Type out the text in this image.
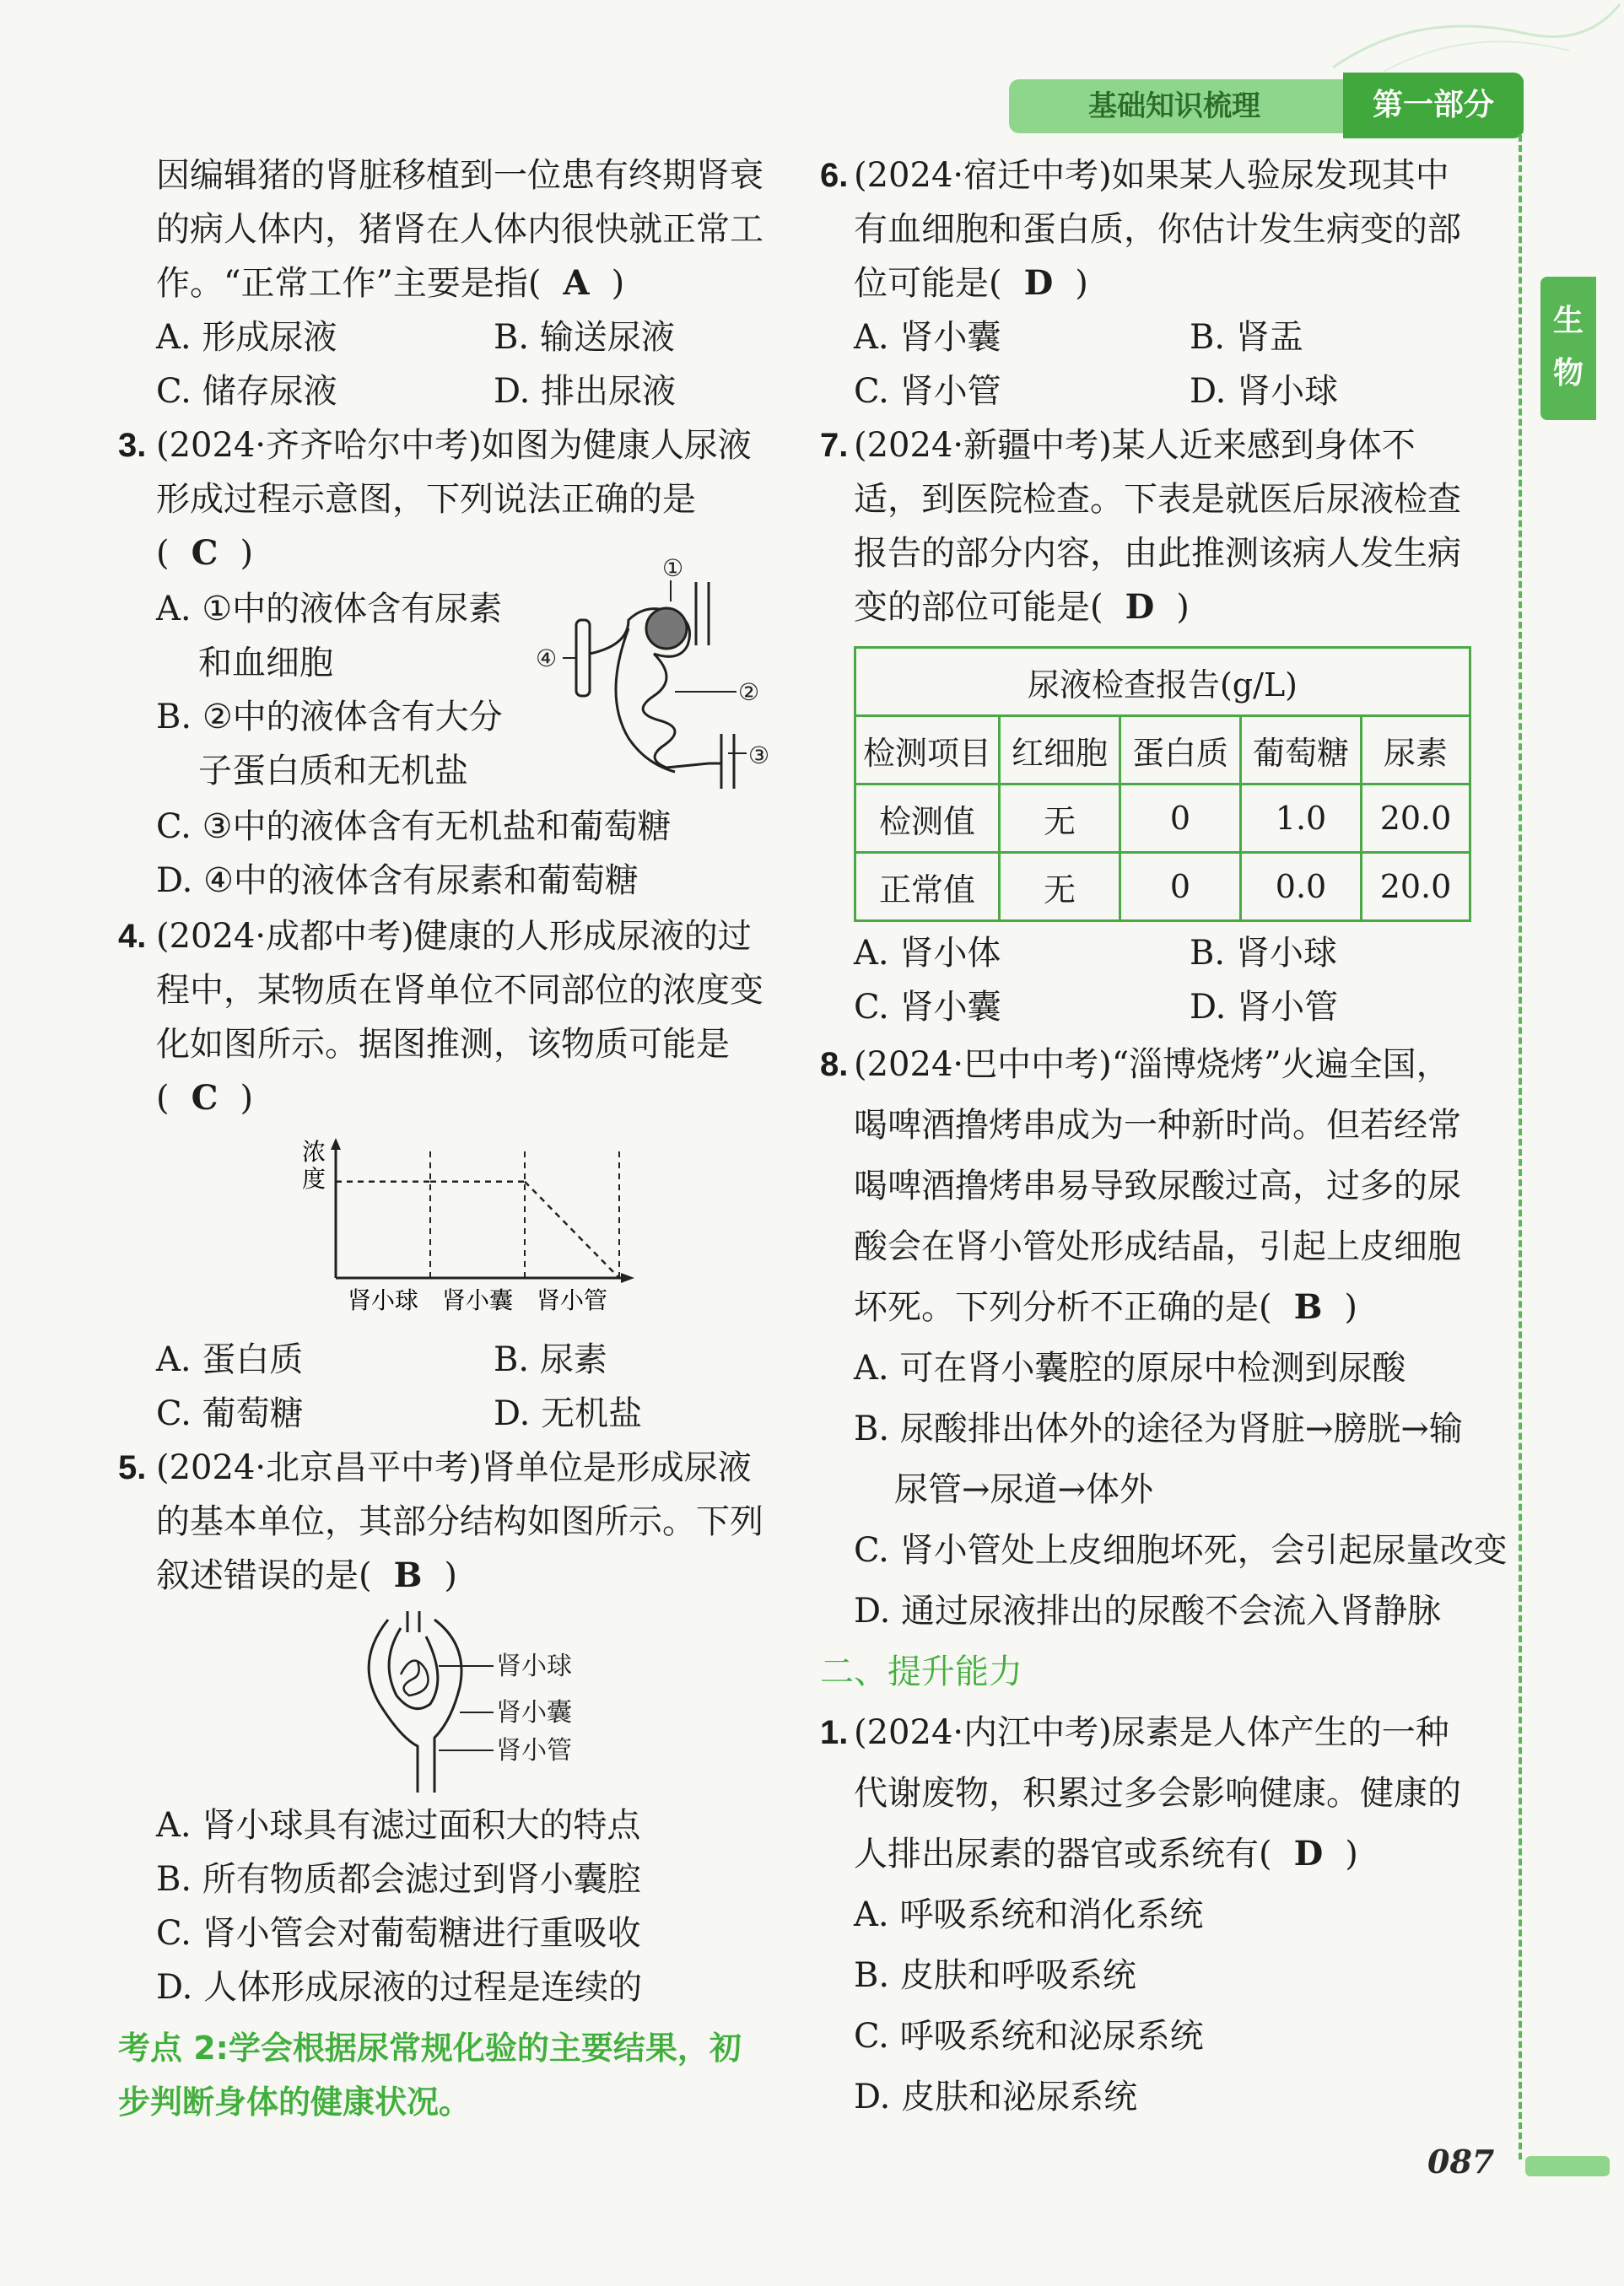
基础知识梳理	第一部分
生
物
因编辑猪的肾脏移植到一位患有终期肾衰
的病人体内，猪肾在人体内很快就正常工
作。“正常工作”主要是指( A )
A. 形成尿液	B. 输送尿液
C. 储存尿液	D. 排出尿液
3. (2024·齐齐哈尔中考)如图为健康人尿液
形成过程示意图，下列说法正确的是
( C )
A. ①中的液体含有尿素
和血细胞
B. ②中的液体含有大分
子蛋白质和无机盐
C. ③中的液体含有无机盐和葡萄糖
D. ④中的液体含有尿素和葡萄糖
①
②
③
④
4. (2024·成都中考)健康的人形成尿液的过
程中，某物质在肾单位不同部位的浓度变
化如图所示。据图推测，该物质可能是
( C )
浓
度
肾小球 肾小囊 肾小管
A. 蛋白质	B. 尿素
C. 葡萄糖	D. 无机盐
5. (2024·北京昌平中考)肾单位是形成尿液
的基本单位，其部分结构如图所示。下列
叙述错误的是( B )
肾小球
肾小囊
肾小管
A. 肾小球具有滤过面积大的特点
B. 所有物质都会滤过到肾小囊腔
C. 肾小管会对葡萄糖进行重吸收
D. 人体形成尿液的过程是连续的
考点 2:学会根据尿常规化验的主要结果，初
步判断身体的健康状况。
6. (2024·宿迁中考)如果某人验尿发现其中
有血细胞和蛋白质，你估计发生病变的部
位可能是( D )
A. 肾小囊	B. 肾盂
C. 肾小管	D. 肾小球
7. (2024·新疆中考)某人近来感到身体不
适，到医院检查。下表是就医后尿液检查
报告的部分内容，由此推测该病人发生病
变的部位可能是( D )
尿液检查报告(g/L)				
检测项目	红细胞	蛋白质	葡萄糖	尿素
检测值	无	0	1.0	20.0
正常值	无	0	0.0	20.0
A. 肾小体	B. 肾小球
C. 肾小囊	D. 肾小管
8. (2024·巴中中考)“淄博烧烤”火遍全国，
喝啤酒撸烤串成为一种新时尚。但若经常
喝啤酒撸烤串易导致尿酸过高，过多的尿
酸会在肾小管处形成结晶，引起上皮细胞
坏死。下列分析不正确的是( B )
A. 可在肾小囊腔的原尿中检测到尿酸
B. 尿酸排出体外的途径为肾脏→膀胱→输
尿管→尿道→体外
C. 肾小管处上皮细胞坏死，会引起尿量改变
D. 通过尿液排出的尿酸不会流入肾静脉
二、提升能力
1. (2024·内江中考)尿素是人体产生的一种
代谢废物，积累过多会影响健康。健康的
人排出尿素的器官或系统有( D )
A. 呼吸系统和消化系统
B. 皮肤和呼吸系统
C. 呼吸系统和泌尿系统
D. 皮肤和泌尿系统
087
